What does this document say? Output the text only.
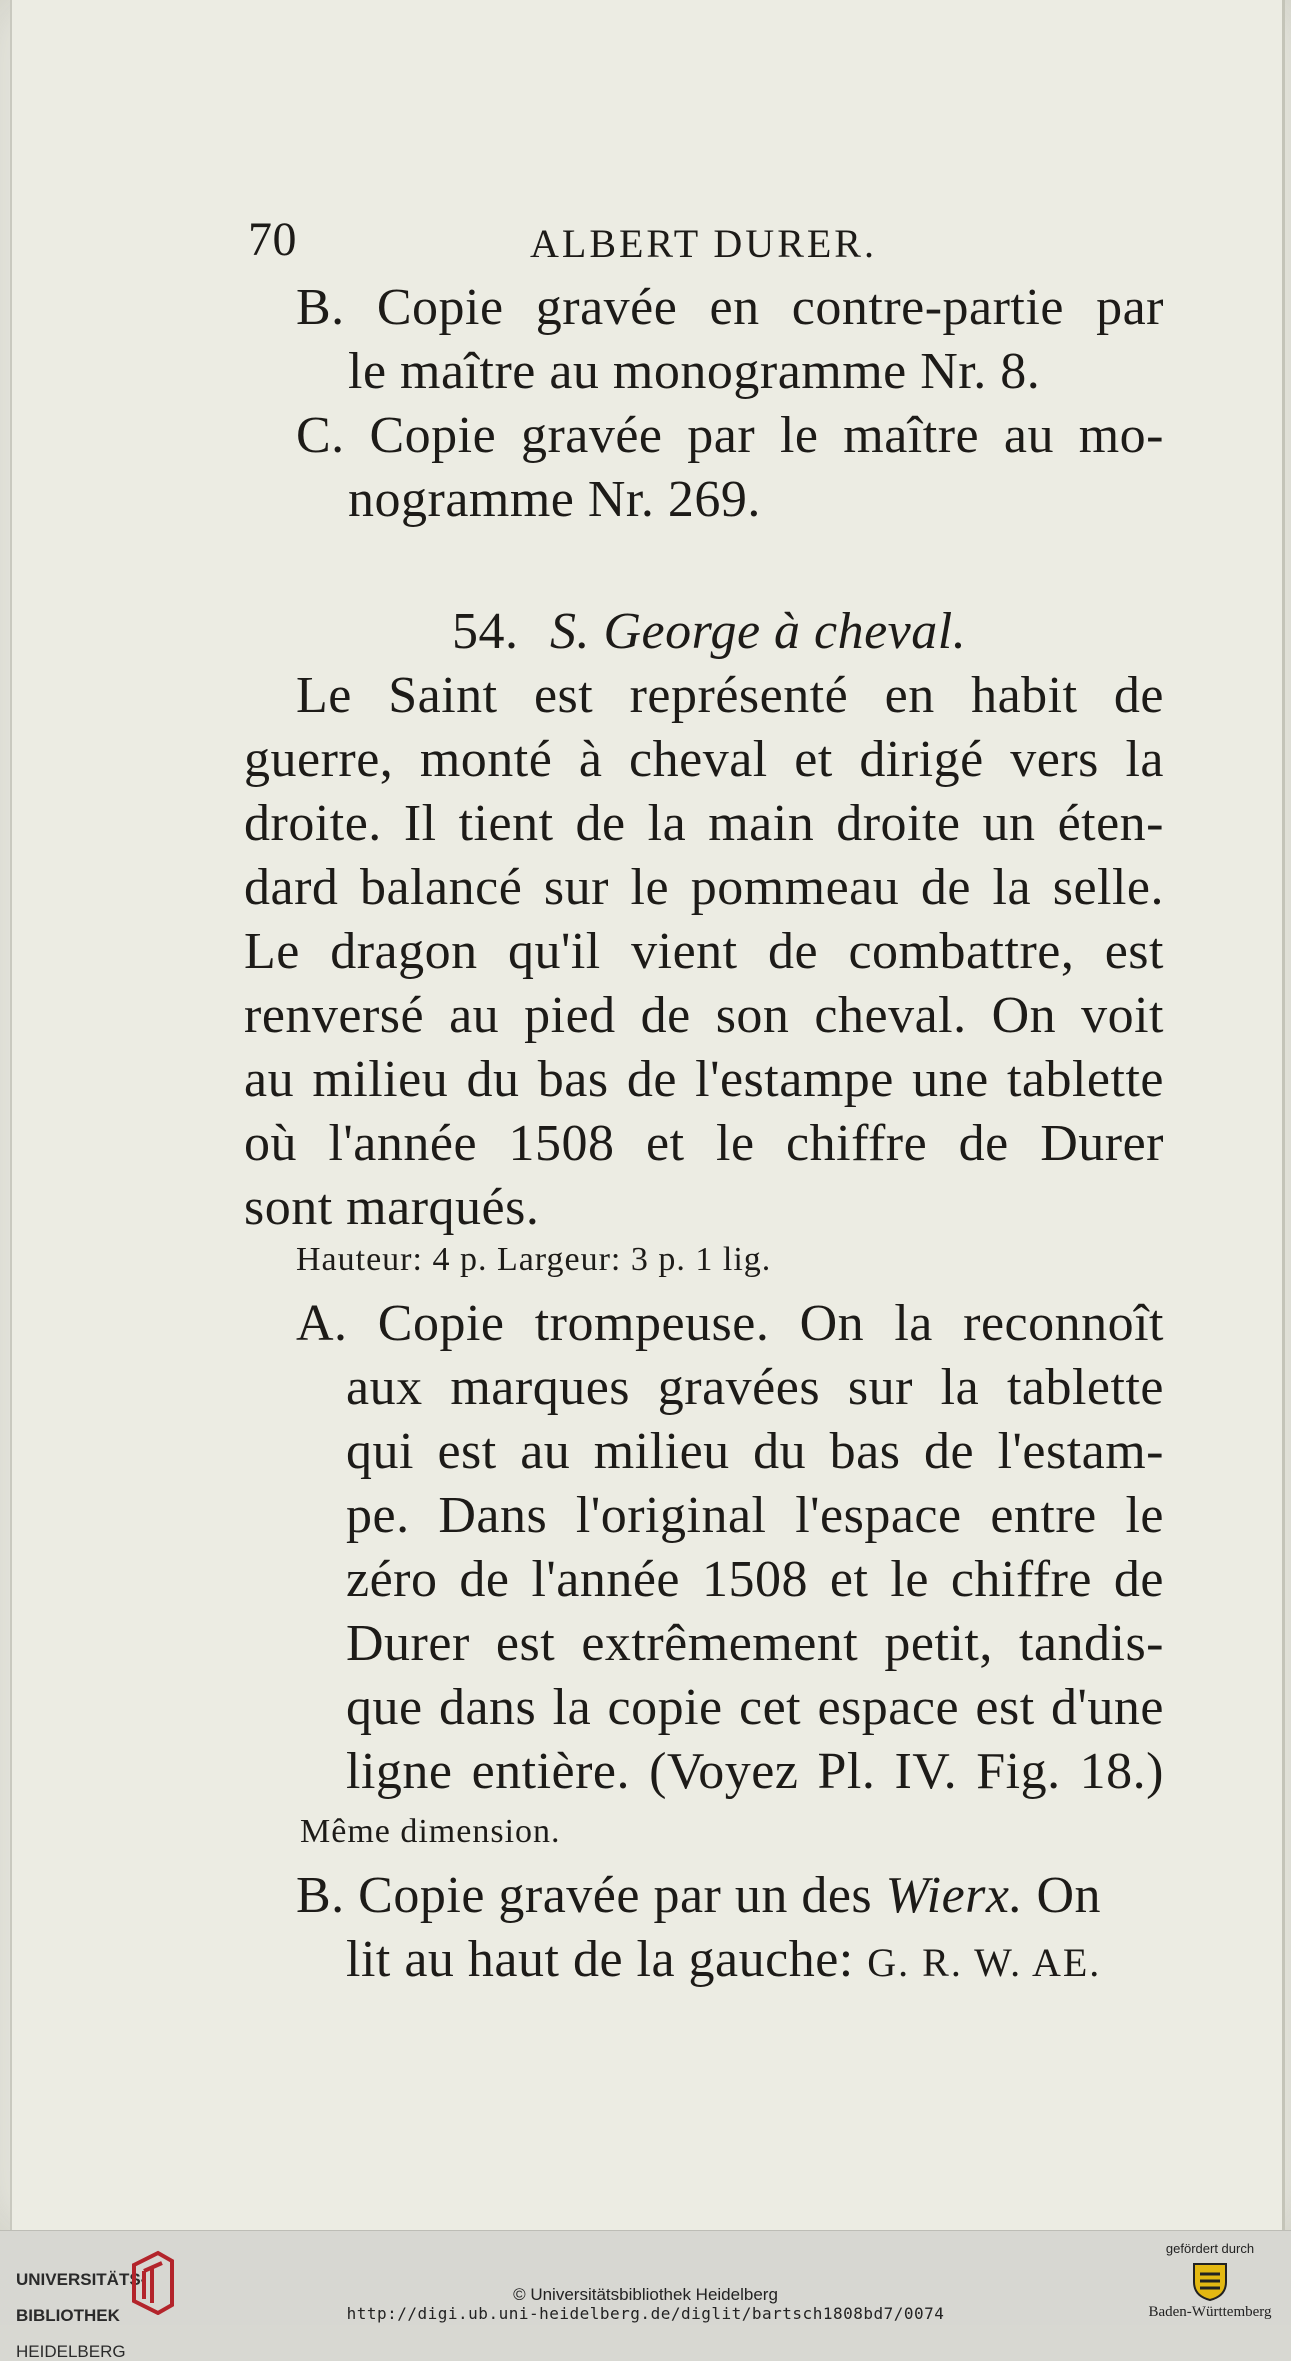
70	ALBERT DURER.
B. Copie gravée en contre-partie par
le maître au monogramme Nr. 8.
C. Copie gravée par le maître au mo-
nogramme Nr. 269.
54. S. George à cheval.
Le Saint est représenté en habit de
guerre, monté à cheval et dirigé vers la
droite. Il tient de la main droite un éten-
dard balancé sur le pommeau de la selle.
Le dragon qu'il vient de combattre, est
renversé au pied de son cheval. On voit
au milieu du bas de l'estampe une tablette
où l'année 1508 et le chiffre de Durer
sont marqués.
Hauteur: 4 p. Largeur: 3 p. 1 lig.
A. Copie trompeuse. On la reconnoît
aux marques gravées sur la tablette
qui est au milieu du bas de l'estam-
pe. Dans l'original l'espace entre le
zéro de l'année 1508 et le chiffre de
Durer est extrêmement petit, tandis-
que dans la copie cet espace est d'une
ligne entière. (Voyez Pl. IV. Fig. 18.)
Même dimension.
B. Copie gravée par un des Wierx. On
lit au haut de la gauche: G. R. W. AE.

UNIVERSITÄTS-

BIBLIOTHEK

HEIDELBERG

© Universitätsbibliothek Heidelberg
http://digi.ub.uni-heidelberg.de/diglit/bartsch1808bd7/0074
gefördert durch
Baden-Württemberg
